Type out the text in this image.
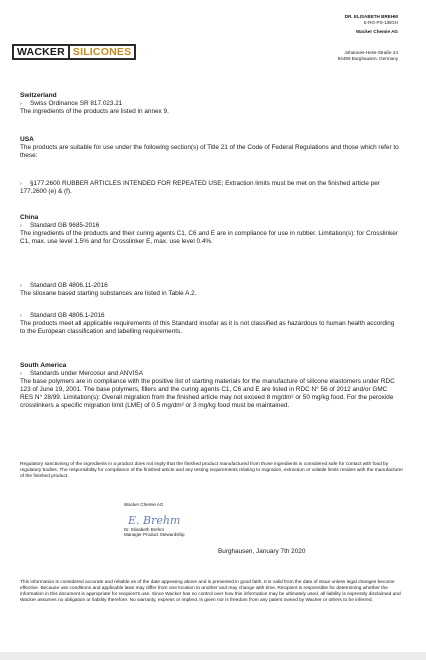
WACKER SILICONES
DR. ELISABETH BREHM
S-RG-PS-1/BGH
Wacker Chemie AG
Johannes-Hess-Straße 24
84489 Burghausen, Germany
Switzerland
› Swiss Ordinance SR 817.023.21
The ingredients of the products are listed in annex 9.
USA
The products are suitable for use under the following section(s) of Title 21 of the Code of Federal Regulations and those which refer to these:
› §177.2600 RUBBER ARTICLES INTENDED FOR REPEATED USE; Extraction limits must be met on the finished article per 177.2600 (e) & (f).
China
› Standard GB 9685-2016
The ingredients of the products and their curing agents C1, C6 and E are in compliance for use in rubber. Limitation(s): for Crosslinker C1, max. use level 1.5% and for Crosslinker E, max. use level 0.4%.
› Standard GB 4806.11-2016
The siloxane based starting substances are listed in Table A.2.
› Standard GB 4806.1-2016
The products meet all applicable requirements of this Standard insofar as it is not classified as hazardous to human health according to the European classification and labelling requirements.
South America
› Standards under Mercosur and ANVISA
The base polymers are in compliance with the positive list of starting materials for the manufacture of silicone elastomers under RDC 123 of June 19, 2001. The base polymers, fillers and the curing agents C1, C6 and E are listed in RDC N° 56 of 2012 and/or GMC RES N° 28/99. Limitation(s): Overall migration from the finished article may not exceed 8 mg/dm² or 50 mg/kg food. For the peroxide crosslinkers a specific migration limit (LME) of 0.5 mg/dm² or 3 mg/kg food must be maintained.
Regulatory sanctioning of the ingredients in a product does not imply that the finished product manufactured from those ingredients is considered safe for contact with food by regulatory bodies. The responsibility for compliance of the finished article and any testing requirements relating to migration, extraction or volatile limits resides with the manufacturer of the finished product.
Wacker Chemie AG
E. Brehm
Dr. Elisabeth Brehm
Manager Product Stewardship
Burghausen, January 7th 2020
This information is considered accurate and reliable as of the date appearing above and is presented in good faith. It is valid from the date of issue unless legal changes become effective. Because use conditions and applicable laws may differ from one location to another and may change with time, Recipient is responsible for determining whether the information in this document is appropriate for recipient's use. Since Wacker has no control over how this information may be ultimately used, all liability is expressly disclaimed and Wacker assumes no obligation or liability therefore. No warranty, express or implied, is given nor is freedom from any patent owned by Wacker or others to be inferred.
